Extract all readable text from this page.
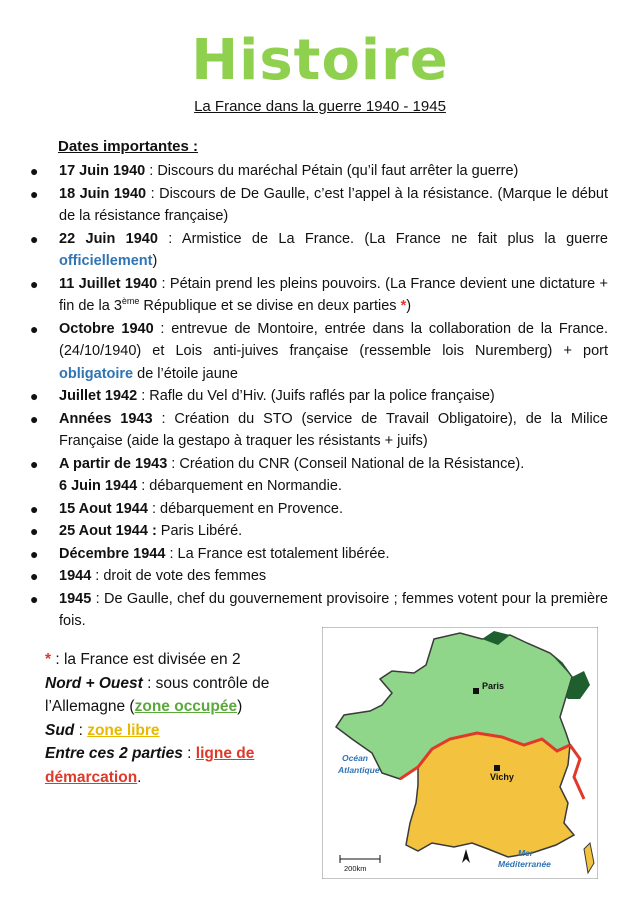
Histoire
La France dans la guerre 1940 - 1945
Dates importantes :
● 17 Juin 1940 : Discours du maréchal Pétain (qu’il faut arrêter la guerre)
● 18 Juin 1940 : Discours de De Gaulle, c’est l’appel à la résistance. (Marque le début de la résistance française)
● 22 Juin 1940 : Armistice de La France. (La France ne fait plus la guerre officiellement)
● 11 Juillet 1940 : Pétain prend les pleins pouvoirs. (La France devient une dictature + fin de la 3ème République et se divise en deux parties *)
● Octobre 1940 : entrevue de Montoire, entrée dans la collaboration de la France. (24/10/1940) et Lois anti-juives française (ressemble lois Nuremberg) + port obligatoire de l’étoile jaune
● Juillet 1942 : Rafle du Vel d’Hiv. (Juifs raflés par la police française)
● Années 1943 : Création du STO (service de Travail Obligatoire), de la Milice Française (aide la gestapo à traquer les résistants + juifs)
● A partir de 1943 : Création du CNR (Conseil National de la Résistance).
6 Juin 1944 : débarquement en Normandie.
● 15 Aout 1944 : débarquement en Provence.
● 25 Aout 1944 : Paris Libéré.
● Décembre 1944 : La France est totalement libérée.
● 1944 : droit de vote des femmes
● 1945 : De Gaulle, chef du gouvernement provisoire ; femmes votent pour la première fois.
* : la France est divisée en 2
Nord + Ouest : sous contrôle de l’Allemagne (zone occupée)
Sud : zone libre
Entre ces 2 parties : ligne de démarcation.
Paris
Vichy
Océan
Atlantique
Mer
Méditerranée
200km
